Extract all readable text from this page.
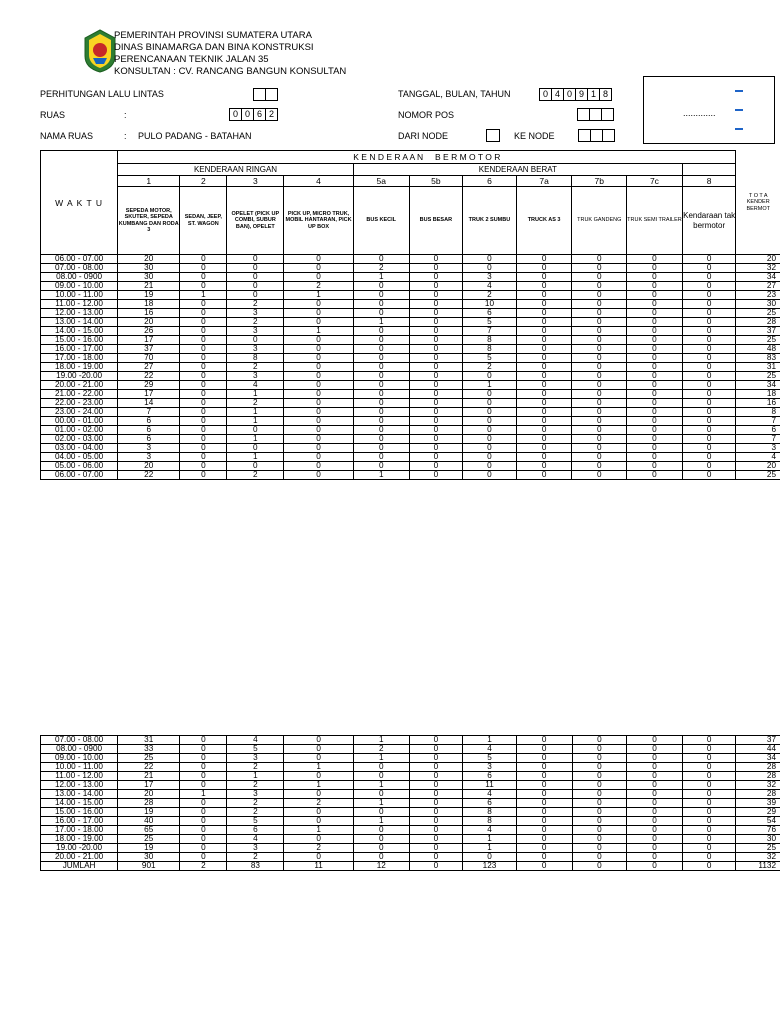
PEMERINTAH PROVINSI SUMATERA UTARA
DINAS BINAMARGA DAN BINA KONSTRUKSI
PERENCANAAN TEKNIK JALAN 35
KONSULTAN : CV. RANCANG BANGUN KONSULTAN
PERHITUNGAN LALU LINTAS
RUAS	:	0 0 6 2
NAMA RUAS	: PULO PADANG - BATAHAN
TANGGAL, BULAN, TAHUN	0 4 0 9 1 8
NOMOR POS
DARI NODE	KE NODE
.............
W A K T U	K E N D E R A A N     B E R M O T O R											T O T A
KENDER
BERMOT

	KENDERAAN RINGAN				KENDERAAN BERAT							
	1	2	3	4	5a	5b	6	7a	7b	7c	8	
	SEPEDA MOTOR, SKUTER, SEPEDA KUMBANG DAN RODA 3	SEDAN, JEEP, ST. WAGON	OPELET (PICK UP COMBI, SUBUR BAN), OPELET	PICK UP, MICRO TRUK, MOBIL HANTARAN, PICK UP BOX	BUS KECIL	BUS BESAR	TRUK 2 SUMBU	TRUCK AS 3	TRUK GANDENG	TRUK SEMI TRAILER	Kendaraan tak bermotor	
06.00 - 07.00	20	0	0	0	0	0	0	0	0	0	0	20
07.00 - 08.00	30	0	0	0	2	0	0	0	0	0	0	32
08.00 - 0900	30	0	0	0	1	0	3	0	0	0	0	34
09.00 - 10.00	21	0	0	2	0	0	4	0	0	0	0	27
10.00 - 11.00	19	1	0	1	0	0	2	0	0	0	0	23
11.00 - 12.00	18	0	2	0	0	0	10	0	0	0	0	30
12.00 - 13.00	16	0	3	0	0	0	6	0	0	0	0	25
13.00 - 14.00	20	0	2	0	1	0	5	0	0	0	0	28
14.00 - 15.00	26	0	3	1	0	0	7	0	0	0	0	37
15.00 - 16.00	17	0	0	0	0	0	8	0	0	0	0	25
16.00 - 17.00	37	0	3	0	0	0	8	0	0	0	0	48
17.00 - 18.00	70	0	8	0	0	0	5	0	0	0	0	83
18.00 - 19.00	27	0	2	0	0	0	2	0	0	0	0	31
19.00 -20.00	22	0	3	0	0	0	0	0	0	0	0	25
20.00 - 21.00	29	0	4	0	0	0	1	0	0	0	0	34
21.00 - 22.00	17	0	1	0	0	0	0	0	0	0	0	18
22.00 - 23.00	14	0	2	0	0	0	0	0	0	0	0	16
23.00 - 24.00	7	0	1	0	0	0	0	0	0	0	0	8
00.00 - 01.00	6	0	1	0	0	0	0	0	0	0	0	7
01.00 - 02.00	6	0	0	0	0	0	0	0	0	0	0	6
02.00 - 03.00	6	0	1	0	0	0	0	0	0	0	0	7
03.00 - 04.00	3	0	0	0	0	0	0	0	0	0	0	3
04.00 - 05.00	3	0	1	0	0	0	0	0	0	0	0	4
05.00 - 06.00	20	0	0	0	0	0	0	0	0	0	0	20
06.00 - 07.00	22	0	2	0	1	0	0	0	0	0	0	25
07.00 - 08.00	31	0	4	0	1	0	1	0	0	0	0	37
08.00 - 0900	33	0	5	0	2	0	4	0	0	0	0	44
09.00 - 10.00	25	0	3	0	1	0	5	0	0	0	0	34
10.00 - 11.00	22	0	2	1	0	0	3	0	0	0	0	28
11.00 - 12.00	21	0	1	0	0	0	6	0	0	0	0	28
12.00 - 13.00	17	0	2	1	1	0	11	0	0	0	0	32
13.00 - 14.00	20	1	3	0	0	0	4	0	0	0	0	28
14.00 - 15.00	28	0	2	2	1	0	6	0	0	0	0	39
15.00 - 16.00	19	0	2	0	0	0	8	0	0	0	0	29
16.00 - 17.00	40	0	5	0	1	0	8	0	0	0	0	54
17.00 - 18.00	65	0	6	1	0	0	4	0	0	0	0	76
18.00 - 19.00	25	0	4	0	0	0	1	0	0	0	0	30
19.00 -20.00	19	0	3	2	0	0	1	0	0	0	0	25
20.00 - 21.00	30	0	2	0	0	0	0	0	0	0	0	32
JUMLAH	901	2	83	11	12	0	123	0	0	0	0	1132
